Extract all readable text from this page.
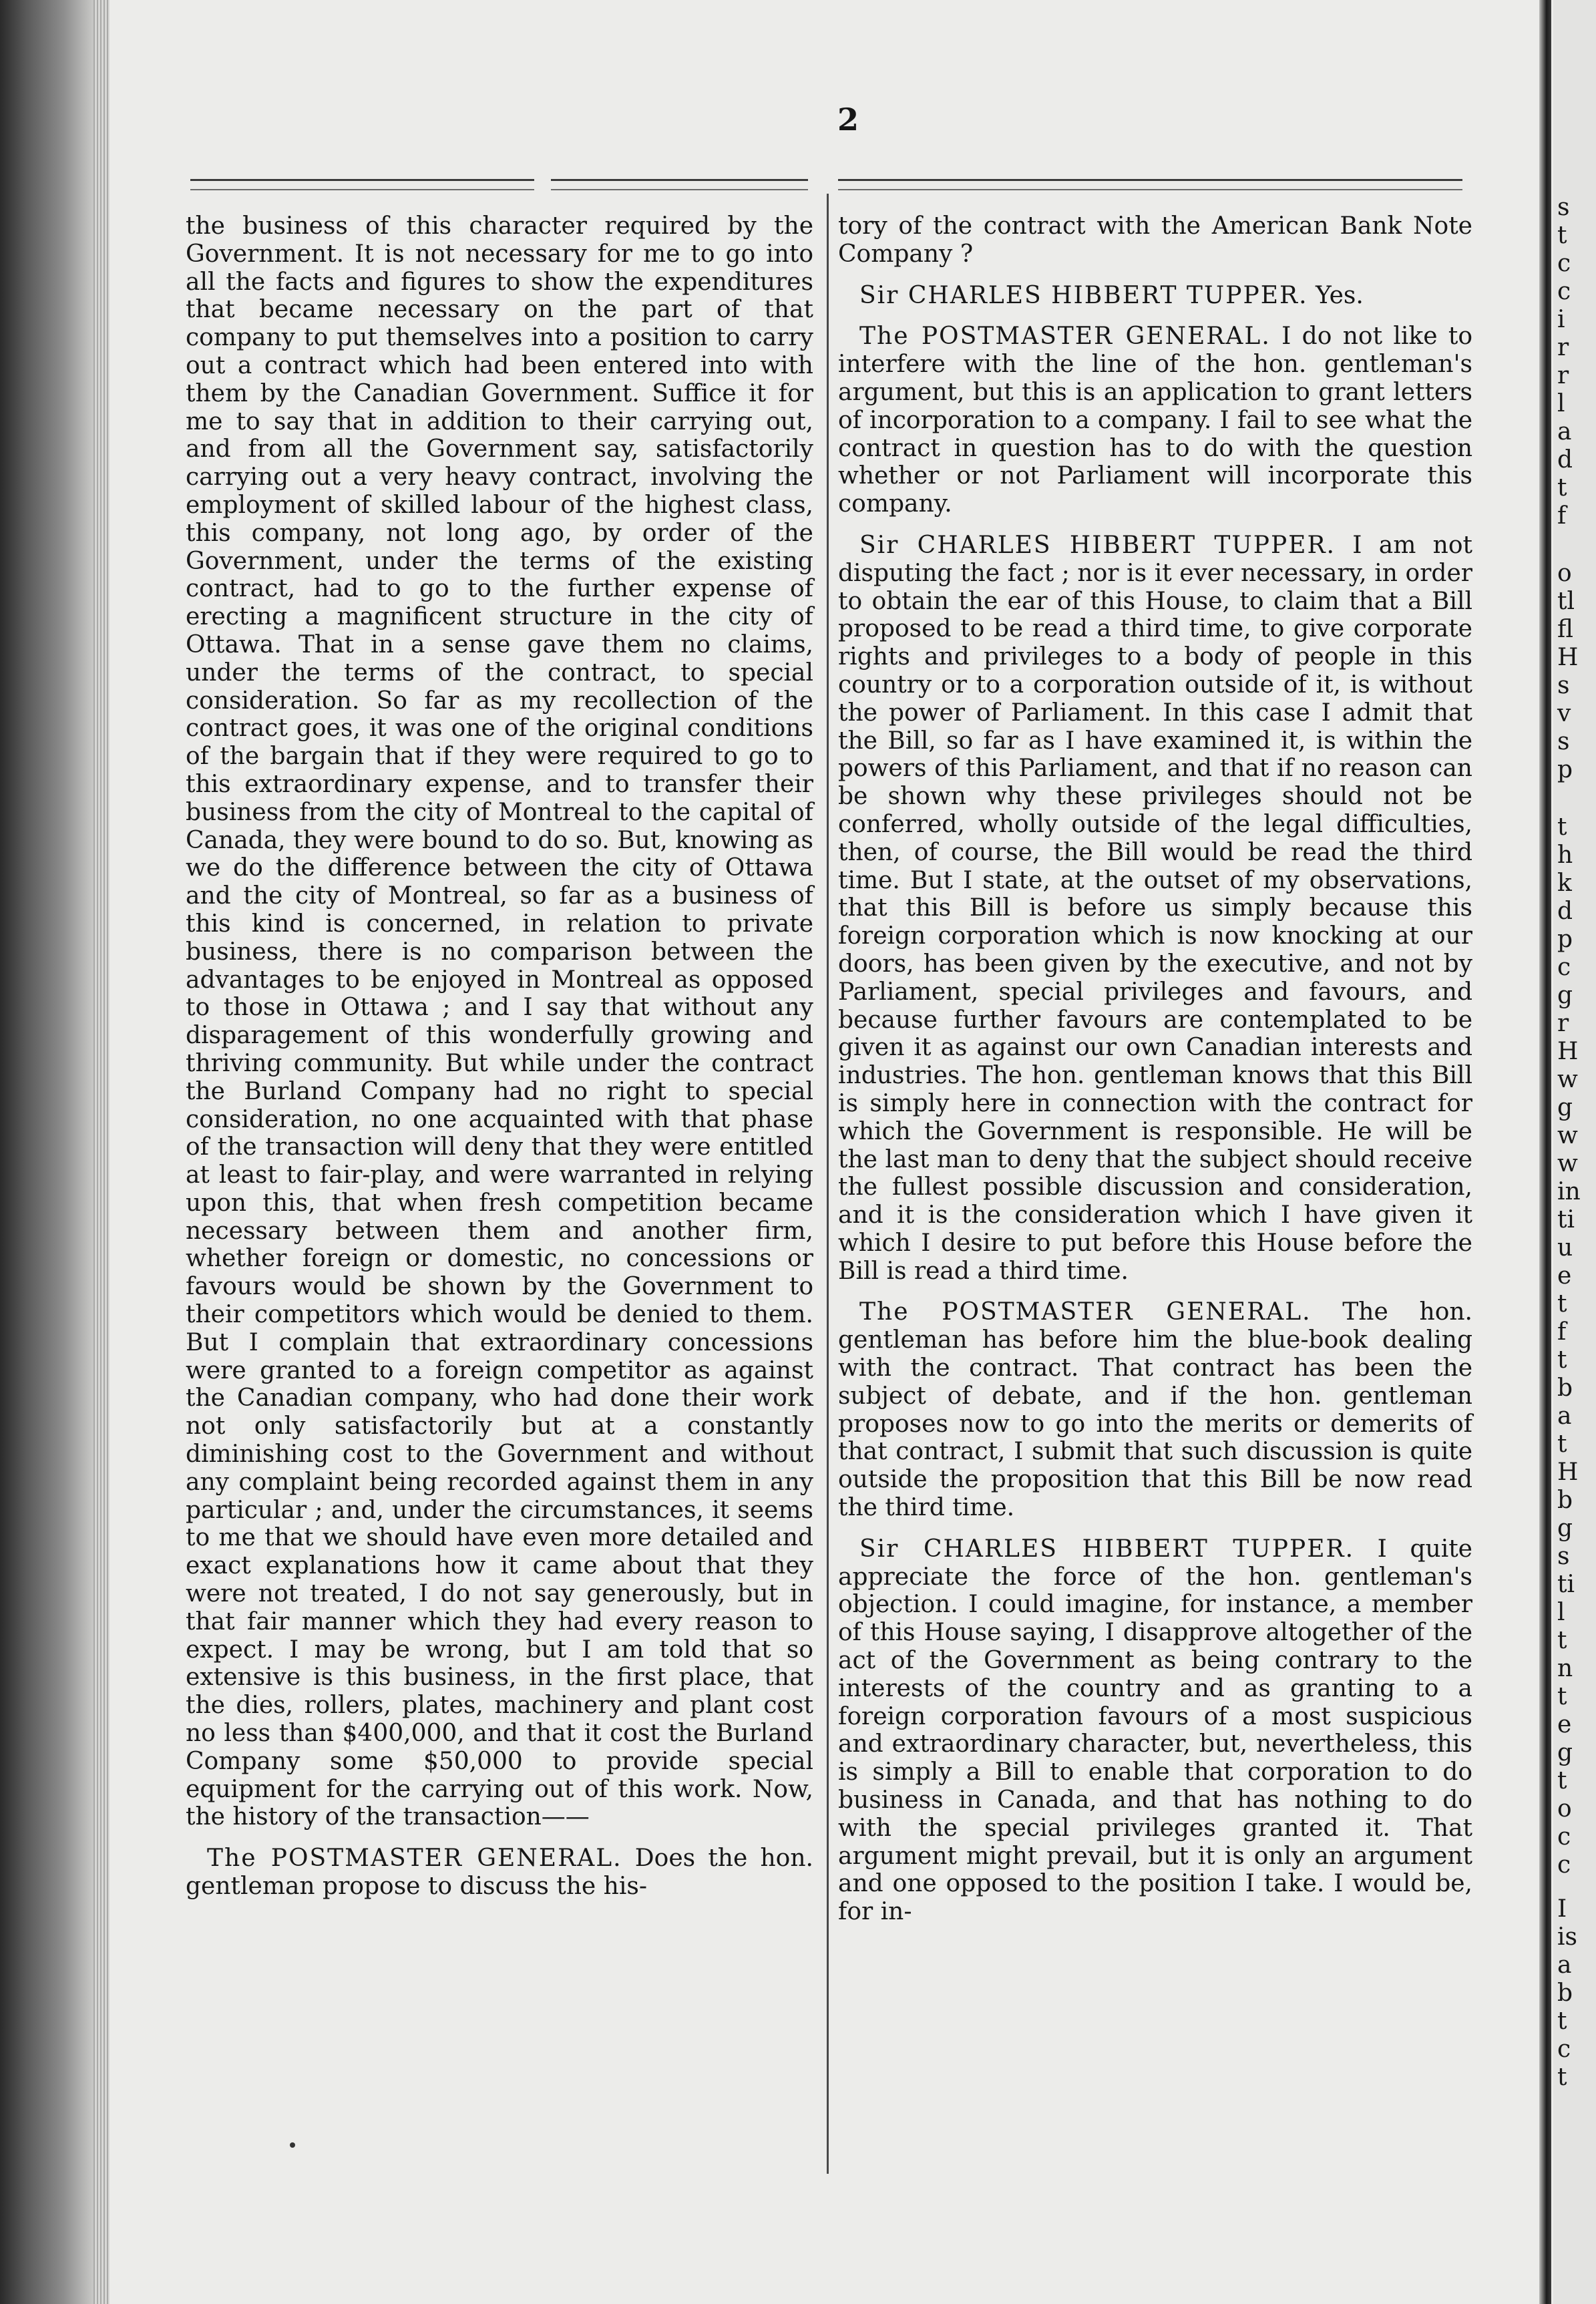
2

the business of this character required by the Government. It is not necessary for me to go into all the facts and figures to show the expenditures that became necessary on the part of that company to put themselves into a position to carry out a contract which had been entered into with them by the Canadian Government. Suffice it for me to say that in addition to their carrying out, and from all the Government say, satisfactorily carrying out a very heavy contract, involving the employment of skilled labour of the highest class, this company, not long ago, by order of the Government, under the terms of the existing contract, had to go to the further expense of erecting a magnificent structure in the city of Ottawa. That in a sense gave them no claims, under the terms of the contract, to special consideration. So far as my recollection of the contract goes, it was one of the original conditions of the bargain that if they were required to go to this extraordinary expense, and to transfer their business from the city of Montreal to the capital of Canada, they were bound to do so. But, knowing as we do the difference between the city of Ottawa and the city of Montreal, so far as a business of this kind is concerned, in relation to private business, there is no comparison between the advantages to be enjoyed in Montreal as opposed to those in Ottawa ; and I say that without any disparagement of this wonderfully growing and thriving community. But while under the contract the Burland Company had no right to special consideration, no one acquainted with that phase of the transaction will deny that they were entitled at least to fair-play, and were warranted in relying upon this, that when fresh competition became necessary between them and another firm, whether foreign or domestic, no concessions or favours would be shown by the Government to their competitors which would be denied to them. But I complain that extraordinary concessions were granted to a foreign competitor as against the Canadian company, who had done their work not only satisfactorily but at a constantly diminishing cost to the Government and without any complaint being recorded against them in any particular ; and, under the circumstances, it seems to me that we should have even more detailed and exact explanations how it came about that they were not treated, I do not say generously, but in that fair manner which they had every reason to expect. I may be wrong, but I am told that so extensive is this business, in the first place, that the dies, rollers, plates, machinery and plant cost no less than $400,000, and that it cost the Burland Company some $50,000 to provide special equipment for the carrying out of this work. Now, the history of the transaction——

The POSTMASTER GENERAL. Does the hon. gentleman propose to discuss the his-

tory of the contract with the American Bank Note Company ?

Sir CHARLES HIBBERT TUPPER. Yes.

The POSTMASTER GENERAL. I do not like to interfere with the line of the hon. gentleman's argument, but this is an application to grant letters of incorporation to a company. I fail to see what the contract in question has to do with the question whether or not Parliament will incorporate this company.

Sir CHARLES HIBBERT TUPPER. I am not disputing the fact ; nor is it ever necessary, in order to obtain the ear of this House, to claim that a Bill proposed to be read a third time, to give corporate rights and privileges to a body of people in this country or to a corporation outside of it, is without the power of Parliament. In this case I admit that the Bill, so far as I have examined it, is within the powers of this Parliament, and that if no reason can be shown why these privileges should not be conferred, wholly outside of the legal difficulties, then, of course, the Bill would be read the third time. But I state, at the outset of my observations, that this Bill is before us simply because this foreign corporation which is now knocking at our doors, has been given by the executive, and not by Parliament, special privileges and favours, and because further favours are contemplated to be given it as against our own Canadian interests and industries. The hon. gentleman knows that this Bill is simply here in connection with the contract for which the Government is responsible. He will be the last man to deny that the subject should receive the fullest possible discussion and consideration, and it is the consideration which I have given it which I desire to put before this House before the Bill is read a third time.

The POSTMASTER GENERAL. The hon. gentleman has before him the blue-book dealing with the contract. That contract has been the subject of debate, and if the hon. gentleman proposes now to go into the merits or demerits of that contract, I submit that such discussion is quite outside the proposition that this Bill be now read the third time.

Sir CHARLES HIBBERT TUPPER. I quite appreciate the force of the hon. gentleman's objection. I could imagine, for instance, a member of this House saying, I disapprove altogether of the act of the Government as being contrary to the interests of the country and as granting to a foreign corporation favours of a most suspicious and extraordinary character, but, nevertheless, this is simply a Bill to enable that corporation to do business in Canada, and that has nothing to do with the special privileges granted it. That argument might prevail, but it is only an argument and one opposed to the position I take. I would be, for in-

s
t
c
c
i
r
r
l
a
d
t
f
o
tl
fl
H
s
v
s
p
t
h
k
d
p
c
g
r
H
w
g
w
w
in
ti
u
e
t
f
t
b
a
t
H
b
g
s
ti
l
t
n
t
e
g
t
o
c
c
I
is
a
b
t
c
t
